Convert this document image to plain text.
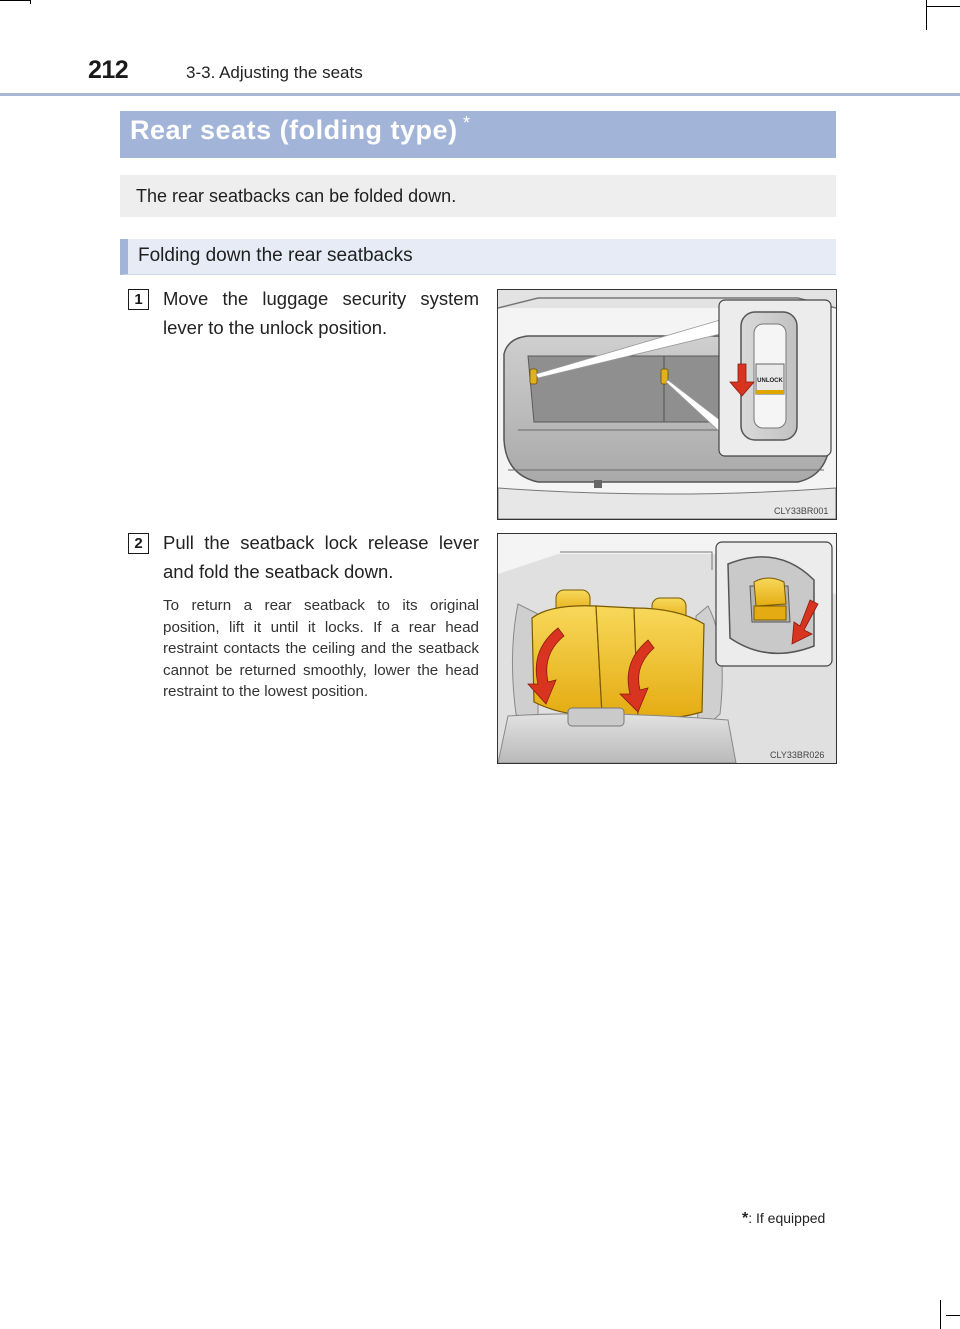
212	3-3. Adjusting the seats
Rear seats (folding type) *
The rear seatbacks can be folded down.
Folding down the rear seatbacks
1	Move the luggage security system lever to the unlock position.
UNLOCK
CLY33BR001
2	Pull the seatback lock release lever and fold the seatback down.
To return a rear seatback to its original position, lift it until it locks. If a rear head restraint contacts the ceiling and the seatback cannot be returned smoothly, lower the head restraint to the lowest position.
CLY33BR026
*: If equipped
